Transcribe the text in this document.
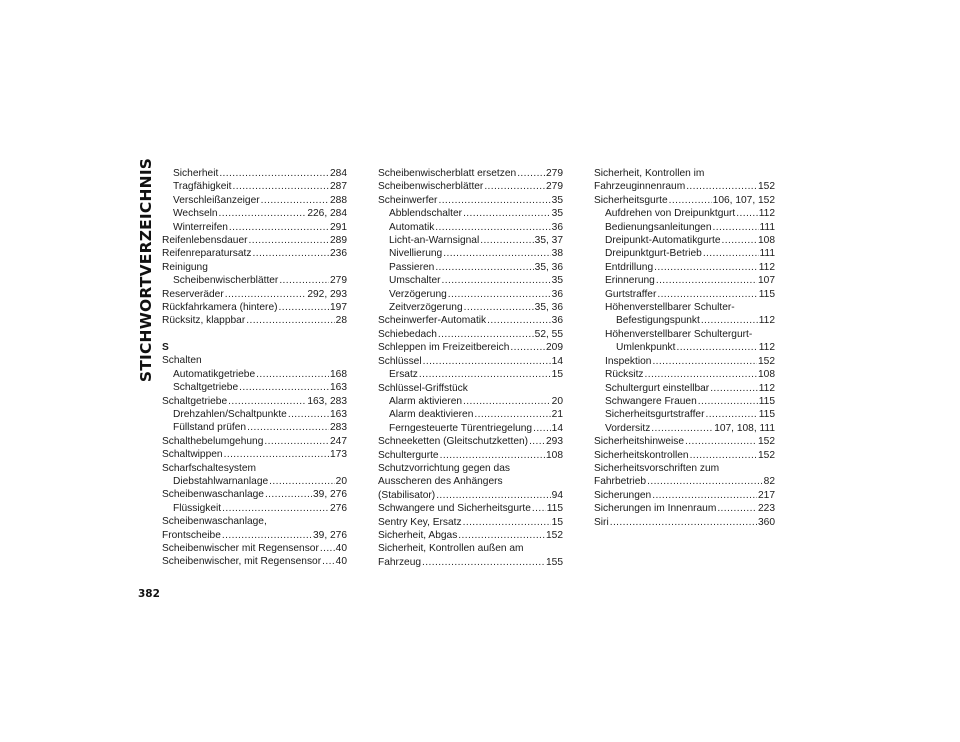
STICHWORTVERZEICHNIS Sicherheit .....	284
Tragfähigkeit .....	287
Verschleißanzeiger .....	288
Wechseln .....	226, 284
Winterreifen .....	291
Reifenlebensdauer .....	289
Reifenreparatursatz .....	236
Reinigung
Scheibenwischerblätter .....	279
Reserveräder .....	292, 293
Rückfahrkamera (hintere) .....	197
Rücksitz, klappbar .....	28
S
Schalten
Automatikgetriebe .....	168
Schaltgetriebe .....	163
Schaltgetriebe .....	163, 283
Drehzahlen/Schaltpunkte .....	163
Füllstand prüfen .....	283
Schalthebelumgehung .....	247
Schaltwippen .....	173
Scharfschaltesystem
Diebstahlwarnanlage .....	20
Scheibenwaschanlage .....	39, 276
Flüssigkeit .....	276
Scheibenwaschanlage,
Frontscheibe .....	39, 276
Scheibenwischer mit Regensensor ..... 40
Scheibenwischer, mit Regensensor ..... 40
Scheibenwischerblatt ersetzen .....	279
Scheibenwischerblätter .....	279
Scheinwerfer .....	35
Abblendschalter .....	35
Automatik .....	36
Licht-an-Warnsignal .....	35, 37
Nivellierung .....	38
Passieren .....	35, 36
Umschalter .....	35
Verzögerung .....	36
Zeitverzögerung .....	35, 36
Scheinwerfer-Automatik .....	36
Schiebedach .....	52, 55
Schleppen im Freizeitbereich .....	209
Schlüssel .....	14
Ersatz .....	15
Schlüssel-Griffstück
Alarm aktivieren .....	20
Alarm deaktivieren .....	21
Ferngesteuerte Türentriegelung ..... 14
Schneeketten (Gleitschutzketten) ..... 293
Schultergurte .....	108
Schutzvorrichtung gegen das
Ausscheren des Anhängers
(Stabilisator) .....	94
Schwangere und Sicherheitsgurte ..... 115
Sentry Key, Ersatz .....	15
Sicherheit, Abgas .....	152
Sicherheit, Kontrollen außen am
Fahrzeug .....	155
Sicherheit, Kontrollen im
Fahrzeuginnenraum .....	152
Sicherheitsgurte .....	106, 107, 152
Aufdrehen von Dreipunktgurt ..... 112
Bedienungsanleitungen .....	111
Dreipunkt-Automatikgurte .....	108
Dreipunktgurt-Betrieb .....	111
Entdrillung .....	112
Erinnerung .....	107
Gurtstraffer .....	115
Höhenverstellbarer Schulter-
Befestigungspunkt .....	112
Höhenverstellbarer Schultergurt-
Umlenkpunkt .....	112
Inspektion .....	152
Rücksitz .....	108
Schultergurt einstellbar .....	112
Schwangere Frauen .....	115
Sicherheitsgurtstraffer .....	115
Vordersitz .....	107, 108, 111
Sicherheitshinweise .....	152
Sicherheitskontrollen .....	152
Sicherheitsvorschriften zum
Fahrbetrieb .....	82
Sicherungen .....	217
Sicherungen im Innenraum .....	223
Siri .....	360
382
